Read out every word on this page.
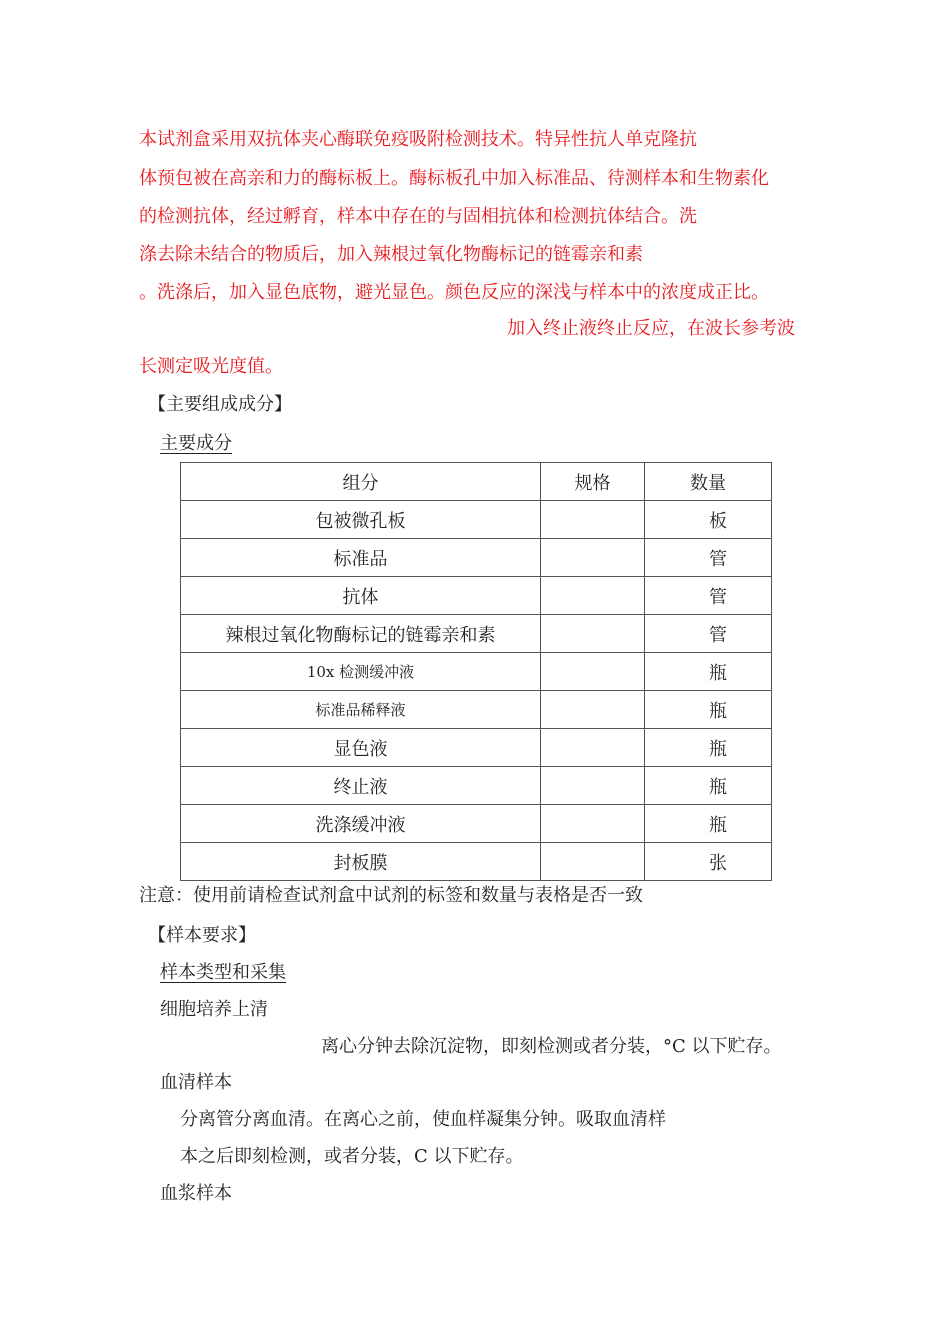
本试剂盒采用双抗体夹心酶联免疫吸附检测技术。特异性抗人单克隆抗
体预包被在高亲和力的酶标板上。酶标板孔中加入标准品、待测样本和生物素化
的检测抗体，经过孵育，样本中存在的与固相抗体和检测抗体结合。洗
涤去除未结合的物质后，加入辣根过氧化物酶标记的链霉亲和素
。洗涤后，加入显色底物，避光显色。颜色反应的深浅与样本中的浓度成正比。
加入终止液终止反应，在波长参考波
长测定吸光度值。
【主要组成成分】
主要成分
组分	规格	数量
包被微孔板		板
标准品		管
抗体		管
辣根过氧化物酶标记的链霉亲和素		管
10x 检测缓冲液		瓶
标准品稀释液		瓶
显色液		瓶
终止液		瓶
洗涤缓冲液		瓶
封板膜		张
注意：使用前请检查试剂盒中试剂的标签和数量与表格是否一致
【样本要求】
样本类型和采集
细胞培养上清
离心分钟去除沉淀物，即刻检测或者分装，°C 以下贮存。
血清样本
分离管分离血清。在离心之前，使血样凝集分钟。吸取血清样
本之后即刻检测，或者分装，C 以下贮存。
血浆样本
